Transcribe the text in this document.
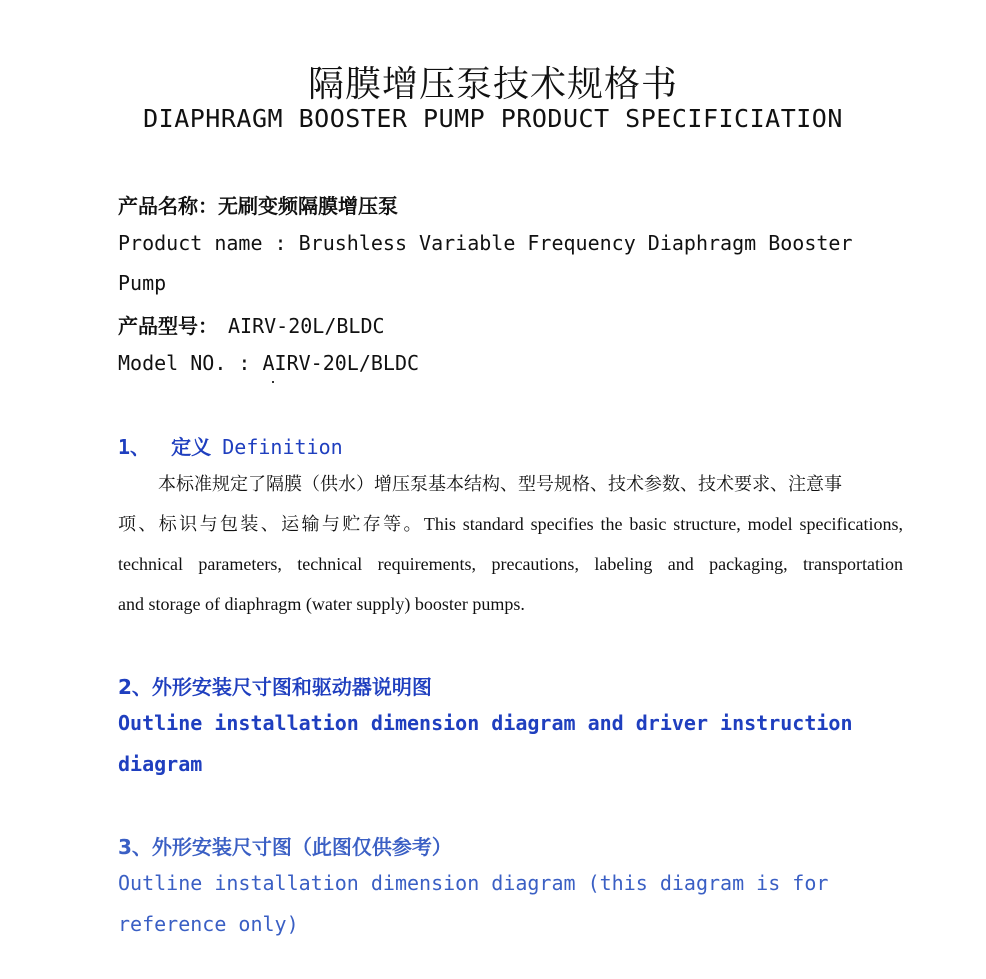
隔膜增压泵技术规格书
DIAPHRAGM BOOSTER PUMP PRODUCT SPECIFICIATION
产品名称：无刷变频隔膜增压泵
Product name : Brushless Variable Frequency Diaphragm Booster
Pump
产品型号： AIRV-20L/BLDC
Model NO. : AIRV-20L/BLDC
1、 定义 Definition
本标准规定了隔膜（供水）增压泵基本结构、型号规格、技术参数、技术要求、注意事
项、标识与包装、运输与贮存等。This standard specifies the basic structure, model specifications,
technical parameters, technical requirements, precautions, labeling and packaging, transportation
and storage of diaphragm (water supply) booster pumps.
2、外形安装尺寸图和驱动器说明图
Outline installation dimension diagram and driver instruction
diagram
3、外形安装尺寸图（此图仅供参考）
Outline installation dimension diagram (this diagram is for
reference only)
